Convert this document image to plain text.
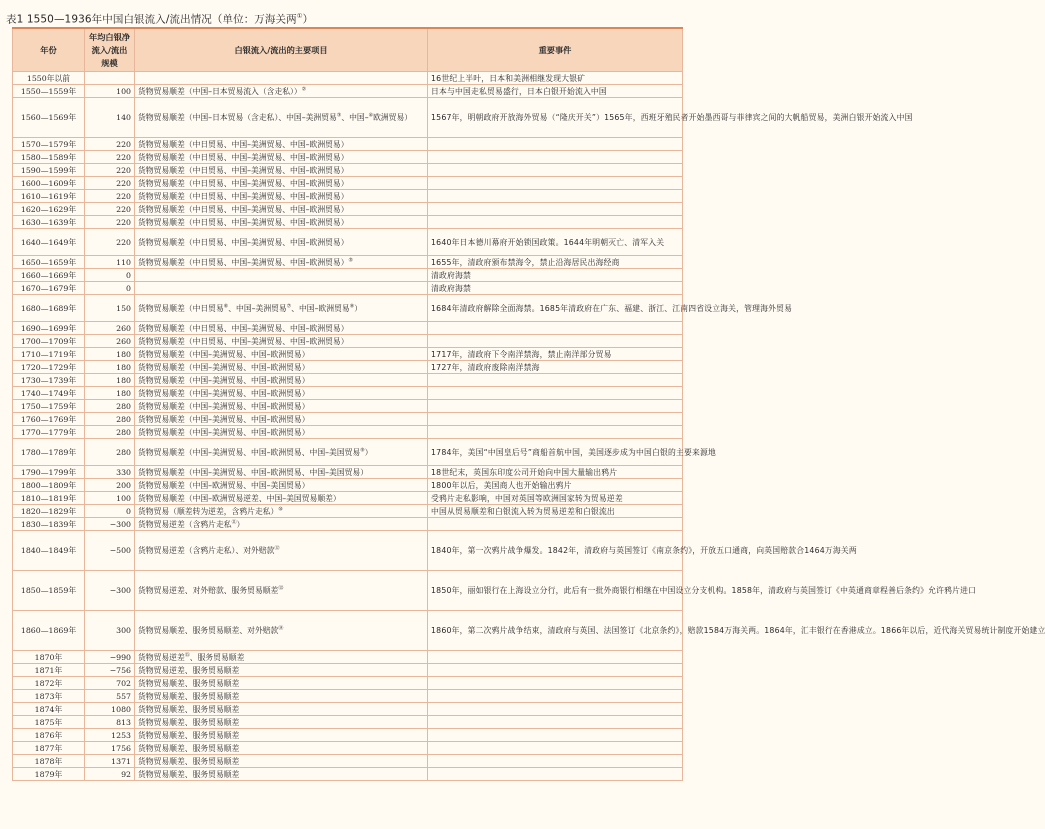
表1 1550—1936年中国白银流入/流出情况（单位：万海关两①）
年份	年均白银净流入/流出规模	白银流入/流出的主要项目	重要事件
1550年以前			16世纪上半叶，日本和美洲相继发现大银矿
1550—1559年	100	货物贸易顺差（中国–日本贸易流入（含走私））②	日本与中国走私贸易盛行，日本白银开始流入中国
1560—1569年	140	货物贸易顺差（中国–日本贸易（含走私）、中国–美洲贸易③、中国–④欧洲贸易）	1567年，明朝政府开放海外贸易（“隆庆开关”）1565年，西班牙殖民者开始墨西哥与菲律宾之间的大帆船贸易，美洲白银开始流入中国
1570—1579年	220	货物贸易顺差（中日贸易、中国–美洲贸易、中国–欧洲贸易）	
1580—1589年	220	货物贸易顺差（中日贸易、中国–美洲贸易、中国–欧洲贸易）	
1590—1599年	220	货物贸易顺差（中日贸易、中国–美洲贸易、中国–欧洲贸易）	
1600—1609年	220	货物贸易顺差（中日贸易、中国–美洲贸易、中国–欧洲贸易）	
1610—1619年	220	货物贸易顺差（中日贸易、中国–美洲贸易、中国–欧洲贸易）	
1620—1629年	220	货物贸易顺差（中日贸易、中国–美洲贸易、中国–欧洲贸易）	
1630—1639年	220	货物贸易顺差（中日贸易、中国–美洲贸易、中国–欧洲贸易）	
1640—1649年	220	货物贸易顺差（中日贸易、中国–美洲贸易、中国–欧洲贸易）	1640年日本德川幕府开始锁国政策。1644年明朝灭亡、清军入关
1650—1659年	110	货物贸易顺差（中日贸易、中国–美洲贸易、中国–欧洲贸易）⑤	1655年，清政府颁布禁海令，禁止沿海居民出海经商
1660—1669年	0		清政府海禁
1670—1679年	0		清政府海禁
1680—1689年	150	货物贸易顺差（中日贸易⑥、中国–美洲贸易⑦、中国–欧洲贸易⑧）	1684年清政府解除全面海禁。1685年清政府在广东、福建、浙江、江南四省设立海关，管理海外贸易
1690—1699年	260	货物贸易顺差（中日贸易、中国–美洲贸易、中国–欧洲贸易）	
1700—1709年	260	货物贸易顺差（中日贸易、中国–美洲贸易、中国–欧洲贸易）	
1710—1719年	180	货物贸易顺差（中国–美洲贸易、中国–欧洲贸易）	1717年，清政府下令南洋禁海，禁止南洋部分贸易
1720—1729年	180	货物贸易顺差（中国–美洲贸易、中国–欧洲贸易）	1727年，清政府废除南洋禁海
1730—1739年	180	货物贸易顺差（中国–美洲贸易、中国–欧洲贸易）	
1740—1749年	180	货物贸易顺差（中国–美洲贸易、中国–欧洲贸易）	
1750—1759年	280	货物贸易顺差（中国–美洲贸易、中国–欧洲贸易）	
1760—1769年	280	货物贸易顺差（中国–美洲贸易、中国–欧洲贸易）	
1770—1779年	280	货物贸易顺差（中国–美洲贸易、中国–欧洲贸易）	
1780—1789年	280	货物贸易顺差（中国–美洲贸易、中国–欧洲贸易、中国–美国贸易⑨）	1784年，美国“中国皇后号”商船首航中国，美国逐步成为中国白银的主要来源地
1790—1799年	330	货物贸易顺差（中国–美洲贸易、中国–欧洲贸易、中国–美国贸易）	18世纪末，英国东印度公司开始向中国大量输出鸦片
1800—1809年	200	货物贸易顺差（中国–欧洲贸易、中国–美国贸易）	1800年以后，美国商人也开始输出鸦片
1810—1819年	100	货物贸易顺差（中国–欧洲贸易逆差、中国–美国贸易顺差）	受鸦片走私影响，中国对英国等欧洲国家转为贸易逆差
1820—1829年	0	货物贸易（顺差转为逆差，含鸦片走私）⑩	中国从贸易顺差和白银流入转为贸易逆差和白银流出
1830—1839年	−300	货物贸易逆差（含鸦片走私⑪）	
1840—1849年	−500	货物贸易逆差（含鸦片走私）、对外赔款⑫	1840年，第一次鸦片战争爆发。1842年，清政府与英国签订《南京条约》，开放五口通商，向英国赔款合1464万海关两
1850—1859年	−300	货物贸易逆差、对外赔款、服务贸易顺差⑬	1850年，丽如银行在上海设立分行，此后有一批外商银行相继在中国设立分支机构。1858年，清政府与英国签订《中英通商章程善后条约》允许鸦片进口
1860—1869年	300	货物贸易顺差、服务贸易顺差、对外赔款⑭	1860年，第二次鸦片战争结束，清政府与英国、法国签订《北京条约》，赔款1584万海关两。1864年，汇丰银行在香港成立。1866年以后，近代海关贸易统计制度开始建立
1870年	−990	货物贸易逆差⑮、服务贸易顺差	
1871年	−756	货物贸易逆差、服务贸易顺差	
1872年	702	货物贸易顺差、服务贸易顺差	
1873年	557	货物贸易顺差、服务贸易顺差	
1874年	1080	货物贸易顺差、服务贸易顺差	
1875年	813	货物贸易顺差、服务贸易顺差	
1876年	1253	货物贸易顺差、服务贸易顺差	
1877年	1756	货物贸易顺差、服务贸易顺差	
1878年	1371	货物贸易顺差、服务贸易顺差	
1879年	92	货物贸易顺差、服务贸易顺差	
